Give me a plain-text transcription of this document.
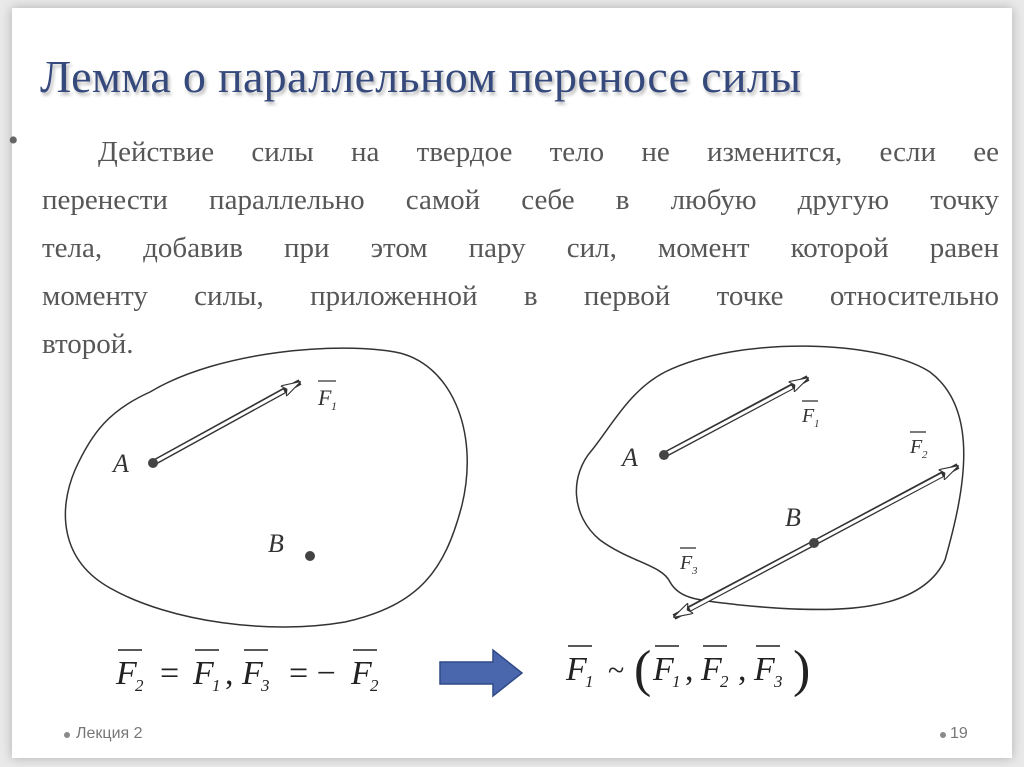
Лемма о параллельном переносе силы
•	Действие силы на твердое тело не изменится, если ее
перенести параллельно самой себе в любую другую точку
тела, добавив при этом пару сил, момент которой равен
моменту силы, приложенной в первой точке относительно
второй.
A
B
F 1
A
B
F 1
F 2
F 3
F
2 = F
1 , F
3 = − F
2	F
1 ~ ( F
1 , F
2 , F 3 )
Лекция 2	19
